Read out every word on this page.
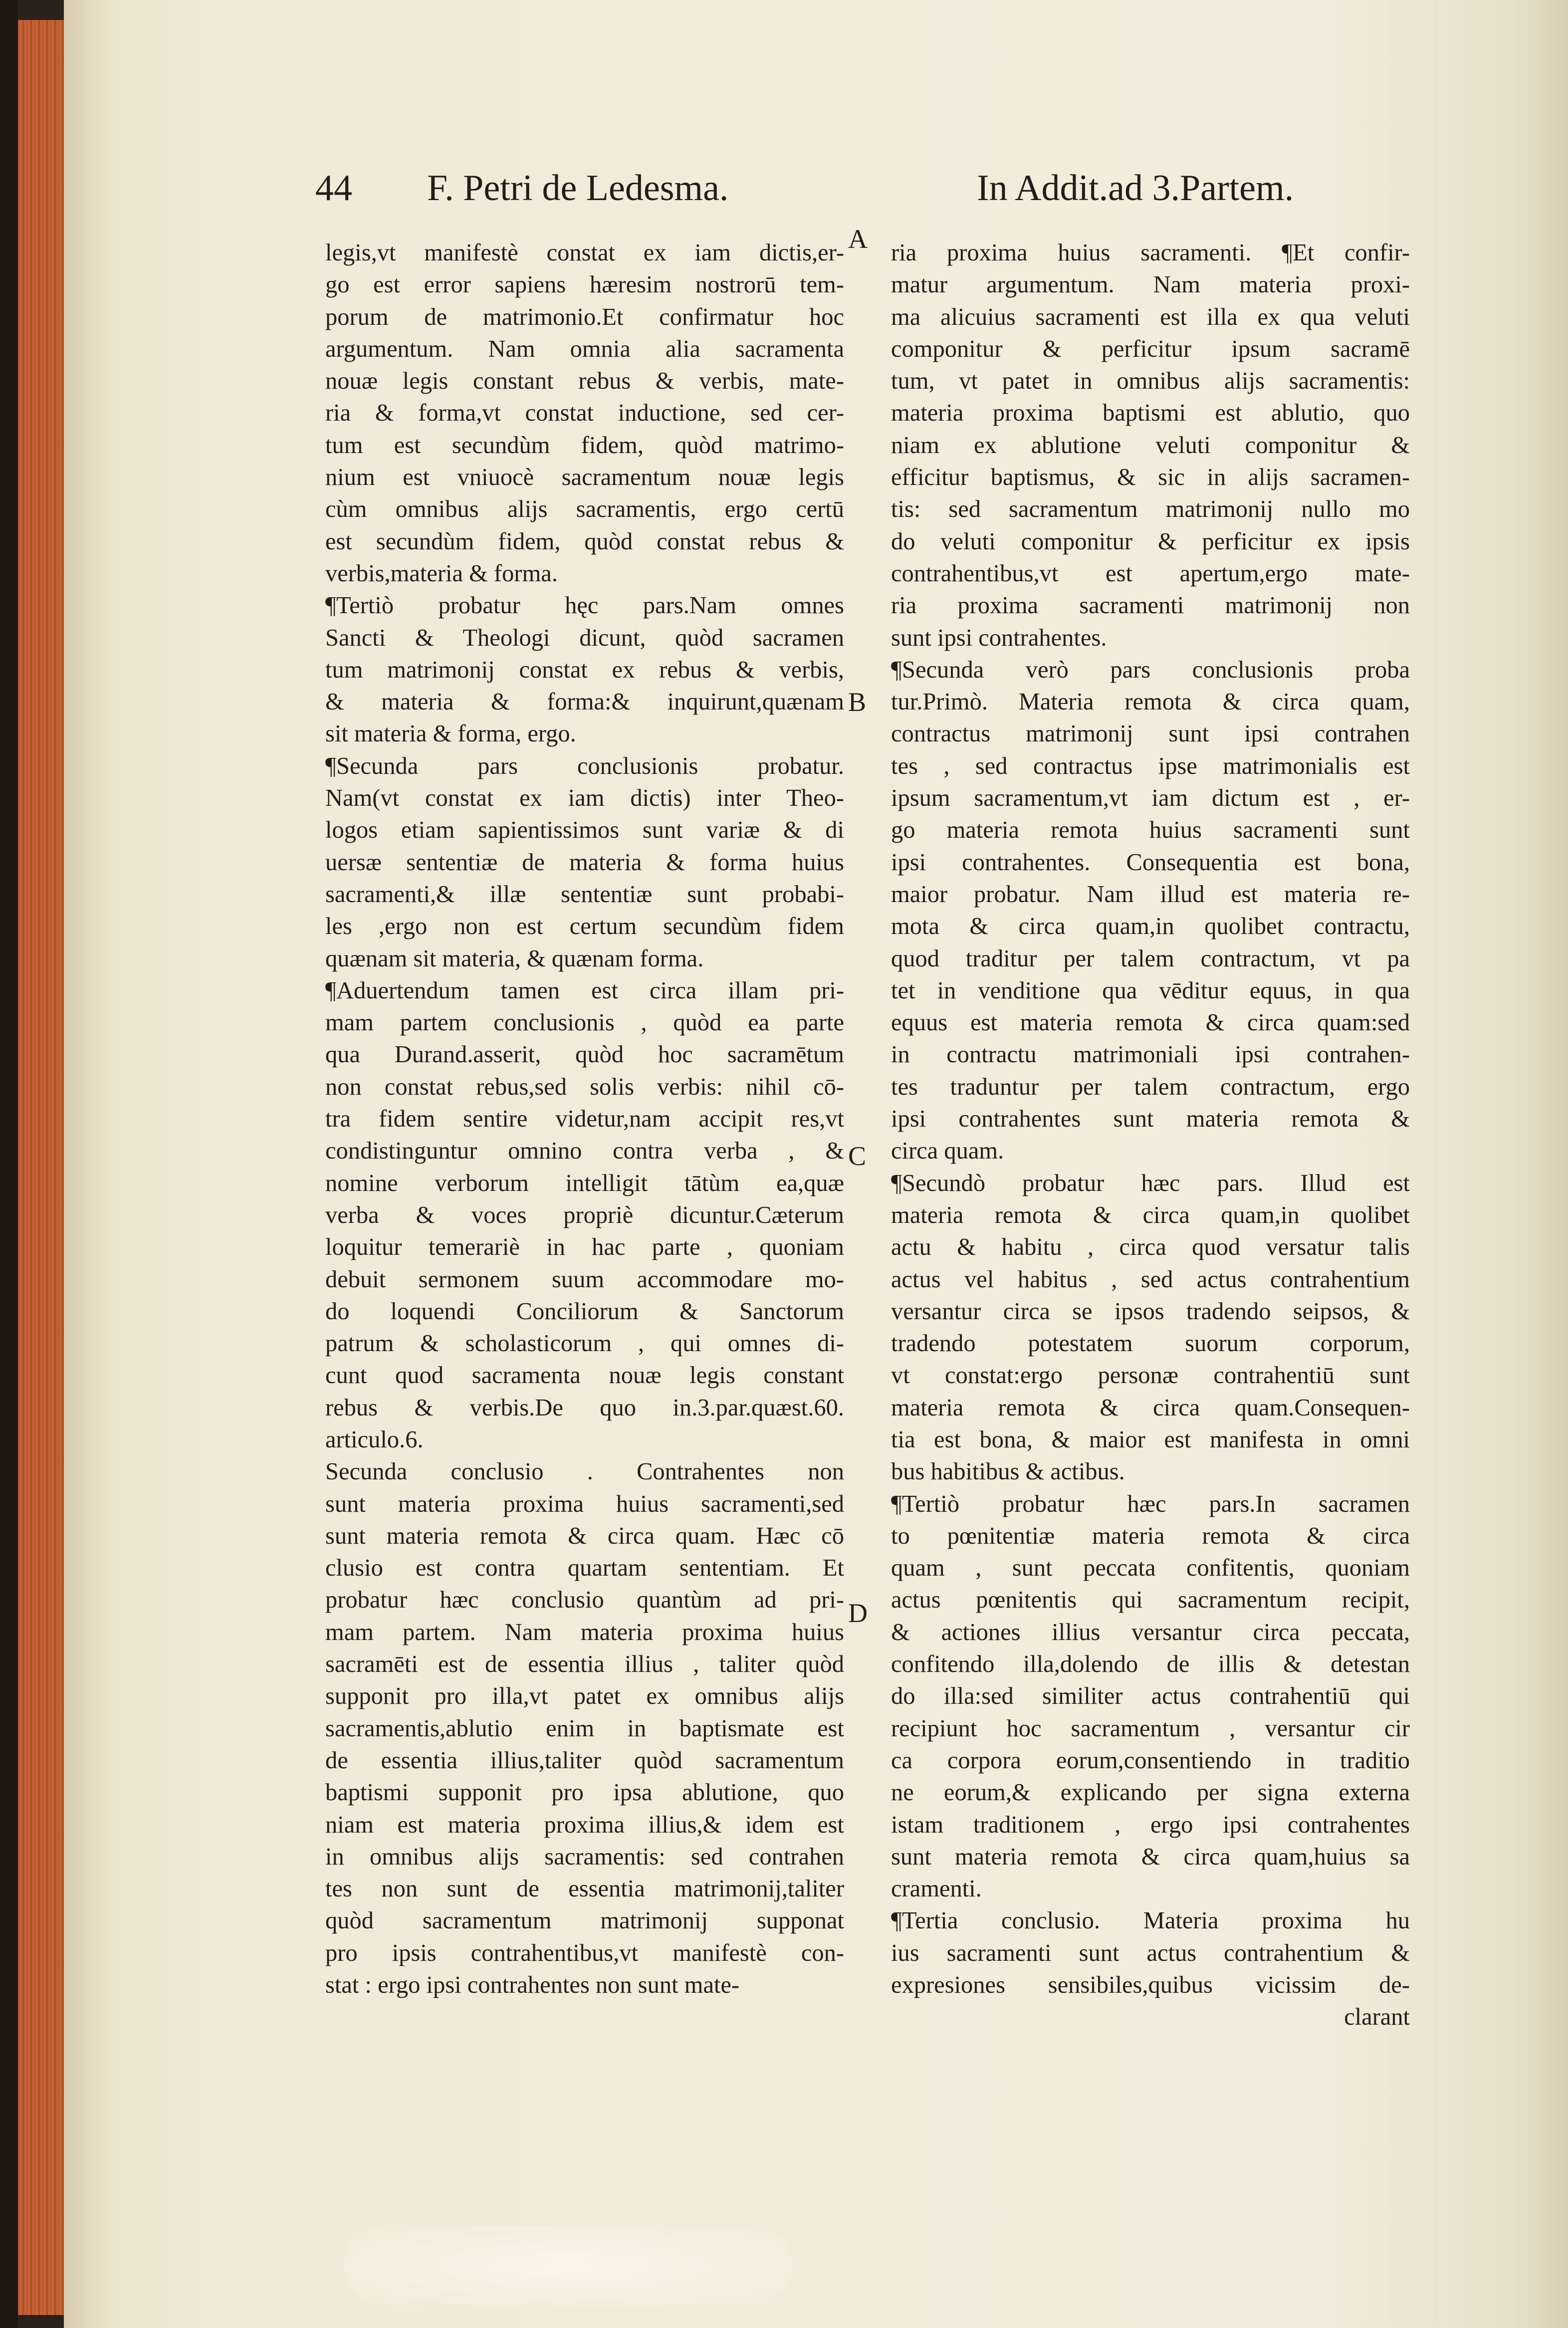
44 F. Petri de Ledesma.	In Addit.ad 3.Partem.
legis,vt manifestè constat ex iam dictis,er-
go est error sapiens hæresim nostrorū tem-
porum de matrimonio.Et confirmatur hoc
argumentum. Nam omnia alia sacramenta
nouæ legis constant rebus & verbis, mate-
ria & forma,vt constat inductione, sed cer-
tum est secundùm fidem, quòd matrimo-
nium est vniuocè sacramentum nouæ legis
cùm omnibus alijs sacramentis, ergo certū
est secundùm fidem, quòd constat rebus &
verbis,materia & forma.
¶Tertiò probatur hęc pars.Nam omnes
Sancti & Theologi dicunt, quòd sacramen
tum matrimonij constat ex rebus & verbis,
& materia & forma:& inquirunt,quænam
sit materia & forma, ergo.
¶Secunda pars conclusionis probatur.
Nam(vt constat ex iam dictis) inter Theo-
logos etiam sapientissimos sunt variæ & di
uersæ sententiæ de materia & forma huius
sacramenti,& illæ sententiæ sunt probabi-
les ,ergo non est certum secundùm fidem
quænam sit materia, & quænam forma.
¶Aduertendum tamen est circa illam pri-
mam partem conclusionis , quòd ea parte
qua Durand.asserit, quòd hoc sacramētum
non constat rebus,sed solis verbis: nihil cō-
tra fidem sentire videtur,nam accipit res,vt
condistinguntur omnino contra verba , &
nomine verborum intelligit tātùm ea,quæ
verba & voces propriè dicuntur.Cæterum
loquitur temerariè in hac parte , quoniam
debuit sermonem suum accommodare mo-
do loquendi Conciliorum & Sanctorum
patrum & scholasticorum , qui omnes di-
cunt quod sacramenta nouæ legis constant
rebus & verbis.De quo in.3.par.quæst.60.
articulo.6.
Secunda conclusio . Contrahentes non
sunt materia proxima huius sacramenti,sed
sunt materia remota & circa quam. Hæc cō
clusio est contra quartam sententiam. Et
probatur hæc conclusio quantùm ad pri-
mam partem. Nam materia proxima huius
sacramēti est de essentia illius , taliter quòd
supponit pro illa,vt patet ex omnibus alijs
sacramentis,ablutio enim in baptismate est
de essentia illius,taliter quòd sacramentum
baptismi supponit pro ipsa ablutione, quo
niam est materia proxima illius,& idem est
in omnibus alijs sacramentis: sed contrahen
tes non sunt de essentia matrimonij,taliter
quòd sacramentum matrimonij supponat
pro ipsis contrahentibus,vt manifestè con-
stat : ergo ipsi contrahentes non sunt mate-
ria proxima huius sacramenti. ¶Et confir-
matur argumentum. Nam materia proxi-
ma alicuius sacramenti est illa ex qua veluti
componitur & perficitur ipsum sacramē
tum, vt patet in omnibus alijs sacramentis:
materia proxima baptismi est ablutio, quo
niam ex ablutione veluti componitur &
efficitur baptismus, & sic in alijs sacramen-
tis: sed sacramentum matrimonij nullo mo
do veluti componitur & perficitur ex ipsis
contrahentibus,vt est apertum,ergo mate-
ria proxima sacramenti matrimonij non
sunt ipsi contrahentes.
¶Secunda verò pars conclusionis proba
tur.Primò. Materia remota & circa quam,
contractus matrimonij sunt ipsi contrahen
tes , sed contractus ipse matrimonialis est
ipsum sacramentum,vt iam dictum est , er-
go materia remota huius sacramenti sunt
ipsi contrahentes. Consequentia est bona,
maior probatur. Nam illud est materia re-
mota & circa quam,in quolibet contractu,
quod traditur per talem contractum, vt pa
tet in venditione qua vēditur equus, in qua
equus est materia remota & circa quam:sed
in contractu matrimoniali ipsi contrahen-
tes traduntur per talem contractum, ergo
ipsi contrahentes sunt materia remota &
circa quam.
¶Secundò probatur hæc pars. Illud est
materia remota & circa quam,in quolibet
actu & habitu , circa quod versatur talis
actus vel habitus , sed actus contrahentium
versantur circa se ipsos tradendo seipsos, &
tradendo potestatem suorum corporum,
vt constat:ergo personæ contrahentiū sunt
materia remota & circa quam.Consequen-
tia est bona, & maior est manifesta in omni
bus habitibus & actibus.
¶Tertiò probatur hæc pars.In sacramen
to pœnitentiæ materia remota & circa
quam , sunt peccata confitentis, quoniam
actus pœnitentis qui sacramentum recipit,
& actiones illius versantur circa peccata,
confitendo illa,dolendo de illis & detestan
do illa:sed similiter actus contrahentiū qui
recipiunt hoc sacramentum , versantur cir
ca corpora eorum,consentiendo in traditio
ne eorum,& explicando per signa externa
istam traditionem , ergo ipsi contrahentes
sunt materia remota & circa quam,huius sa
cramenti.
¶Tertia conclusio. Materia proxima hu
ius sacramenti sunt actus contrahentium &
expresiones sensibiles,quibus vicissim de-
clarant
A
B
C
D
